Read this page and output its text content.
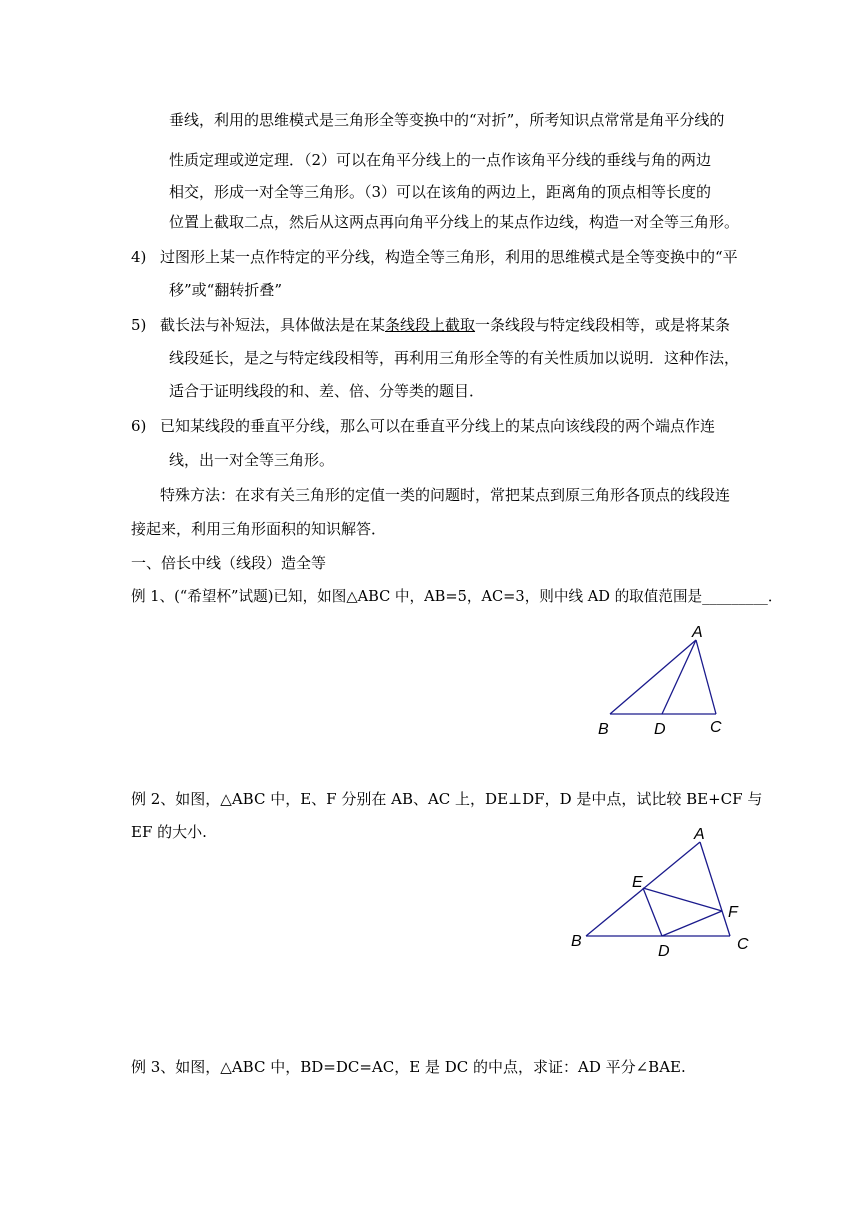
垂线，利用的思维模式是三角形全等变换中的“对折”，所考知识点常常是角平分线的
性质定理或逆定理．（2）可以在角平分线上的一点作该角平分线的垂线与角的两边
相交，形成一对全等三角形。（3）可以在该角的两边上，距离角的顶点相等长度的
位置上截取二点，然后从这两点再向角平分线上的某点作边线，构造一对全等三角形。
4) 过图形上某一点作特定的平分线，构造全等三角形，利用的思维模式是全等变换中的“平
移”或“翻转折叠”
5) 截长法与补短法，具体做法是在某条线段上截取一条线段与特定线段相等，或是将某条
线段延长，是之与特定线段相等，再利用三角形全等的有关性质加以说明．这种作法，
适合于证明线段的和、差、倍、分等类的题目．
6) 已知某线段的垂直平分线，那么可以在垂直平分线上的某点向该线段的两个端点作连
线，出一对全等三角形。
特殊方法：在求有关三角形的定值一类的问题时，常把某点到原三角形各顶点的线段连
接起来，利用三角形面积的知识解答．
一、倍长中线（线段）造全等
例 1、(“希望杯”试题)已知，如图△ABC 中，AB=5，AC=3，则中线 AD 的取值范围是_________．
A
B	D	C
例 2、如图，△ABC 中，E、F 分别在 AB、AC 上，DE⊥DF，D 是中点，试比较 BE+CF 与
EF 的大小.	A
E
F
B
D	C
例 3、如图，△ABC 中，BD=DC=AC，E 是 DC 的中点，求证：AD 平分∠BAE.
